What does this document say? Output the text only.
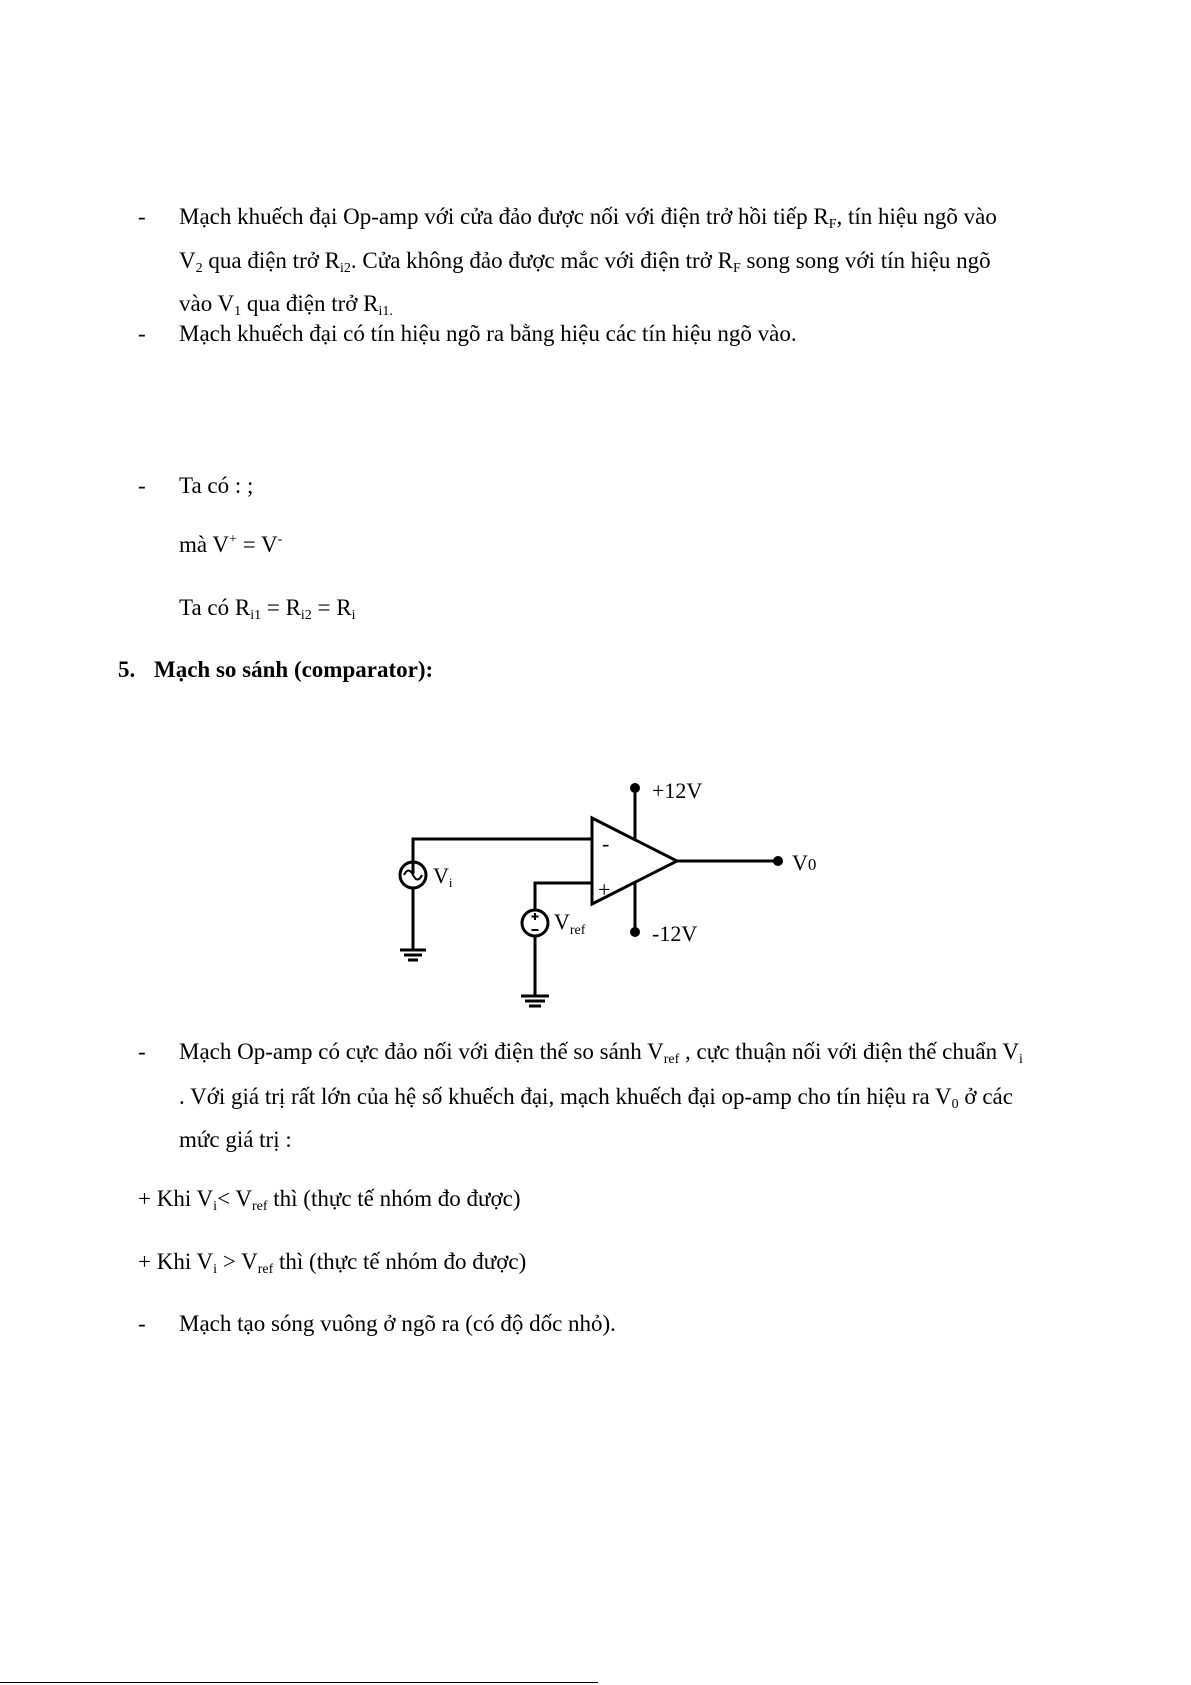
- Mạch khuếch đại Op-amp với cửa đảo được nối với điện trở hồi tiếp $R_F$, tín hiệu ngõ vào
$V_2$ qua điện trở $R_{i2}$. Cửa không đảo được mắc với điện trở $R_F$ song song với tín hiệu ngõ
vào $V_1$ qua điện trở $R_{i1.}$
- Mạch khuếch đại có tín hiệu ngõ ra bằng hiệu các tín hiệu ngõ vào.
- Ta có : ;
mà V+ = V-
Ta có $R_{i1} = R_{i2} = R_i$
5. Mạch so sánh (comparator):
-
+
+12V
-12V
V0
Vi
$V_{ref}$
- Mạch Op-amp có cực đảo nối với điện thế so sánh $V_{ref}$ , cực thuận nối với điện thế chuẩn $V_i$
. Với giá trị rất lớn của hệ số khuếch đại, mạch khuếch đại op-amp cho tín hiệu ra $V_0$ ở các
mức giá trị :
+ Khi $V_i< V_{ref}$ thì (thực tế nhóm đo được)
+ Khi $V_i > V_{ref}$ thì (thực tế nhóm đo được)
- Mạch tạo sóng vuông ở ngõ ra (có độ dốc nhỏ).
